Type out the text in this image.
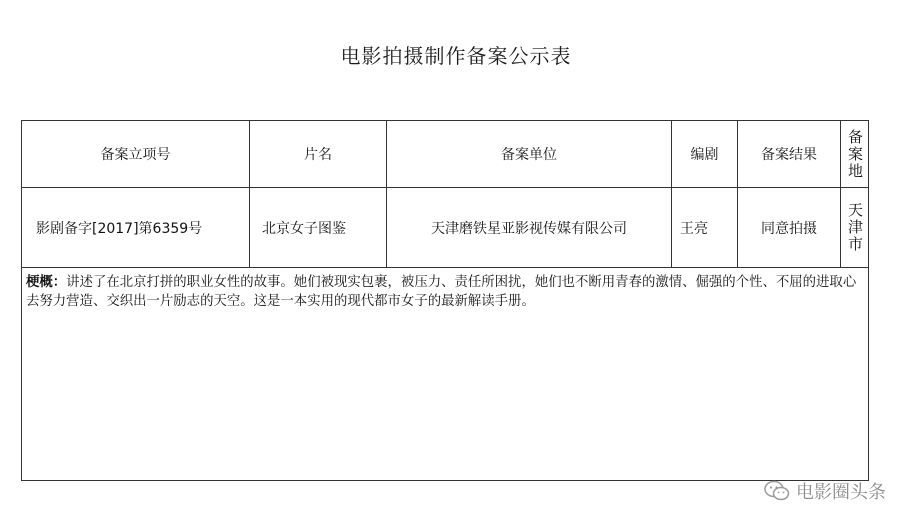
电影拍摄制作备案公示表
备案立项号	片名	备案单位	编剧	备案结果	备案地
影剧备字[2017]第6359号	北京女子图鉴	天津磨铁星亚影视传媒有限公司	王亮	同意拍摄	天津市
梗概：讲述了在北京打拼的职业女性的故事。她们被现实包裹，被压力、责任所困扰，她们也不断用青春的激情、倔强的个性、不屈的进取心去努力营造、交织出一片励志的天空。这是一本实用的现代都市女子的最新解读手册。
电影圈头条
